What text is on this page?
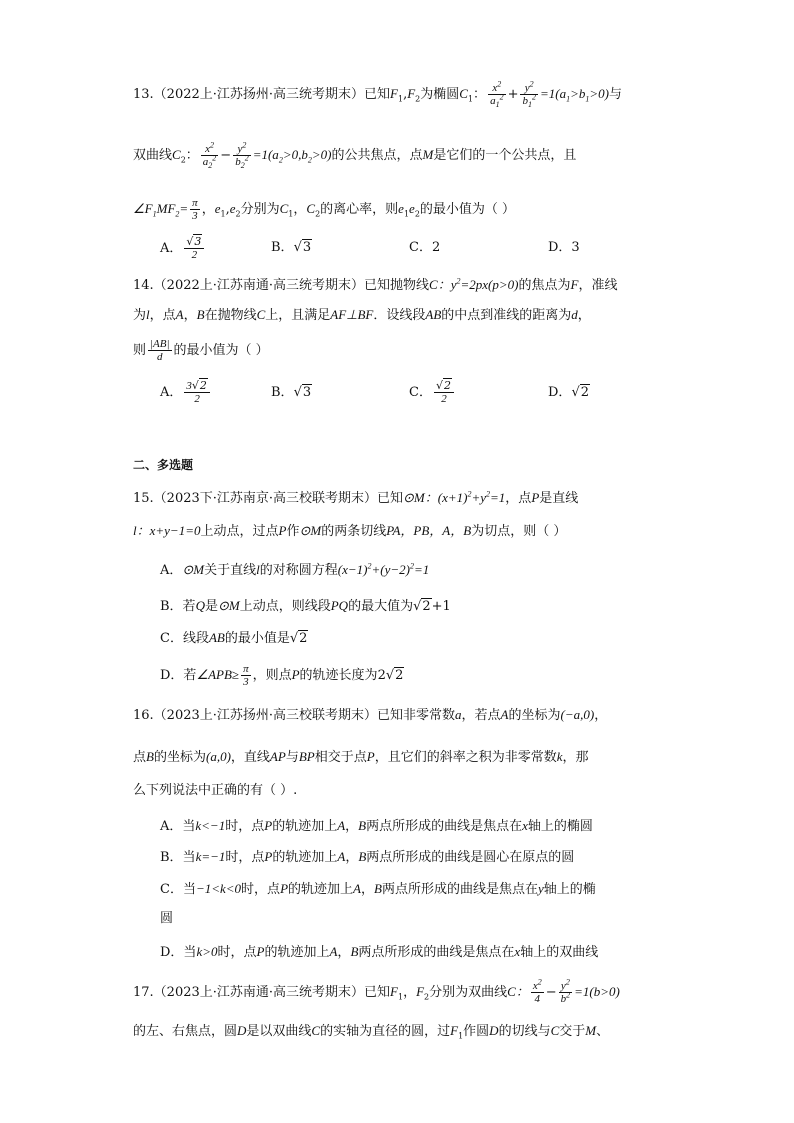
13.（2022上·江苏扬州·高三统考期末）已知$F_1,F_2$为椭圆$C_1$： $\frac{x^2}{a_1^2} + \frac{y^2}{b_1^2} =1(a_1>b_1>0)$与
双曲线$C_2$： $\frac{x^2}{a_2^2} - \frac{y^2}{b_2^2} =1(a_2>0,b_2>0)$的公共焦点，点M是它们的一个公共点，且
$\angle F_1MF_2= \frac{\pi}{3}$ ，$e_1,e_2$分别为$C_1$，$C_2$的离心率，则$e_1e_2$的最小值为（ ）
A． $\frac{√3}{2}$	B．√3	C．2	D．3
14.（2022上·江苏南通·高三统考期末）已知抛物线C：$y^2=2px(p>0)$的焦点为F，准线
为l，点A，B在抛物线C上，且满足AF⊥BF．设线段AB的中点到准线的距离为d，
则 $\frac{|AB|}{d}$ 的最小值为（ ）
A． $\frac{3√2}{2}$	B．√3	C． $\frac{√2}{2}$	D．√2
二、多选题
15.（2023下·江苏南京·高三校联考期末）已知⊙M：$(x+1)^2+y^2=1$，点P是直线
l：x+y−1=0上动点，过点P作⊙M的两条切线PA，PB，A，B为切点，则（ ）
A．⊙M关于直线l的对称圆方程$(x-1)^2+(y-2)^2=1$
B．若Q是⊙M上动点，则线段PQ的最大值为√2+1
C．线段AB的最小值是√2
D．若∠APB≥ $\frac{\pi}{3}$ ，则点P的轨迹长度为2√2
16.（2023上·江苏扬州·高三校联考期末）已知非零常数a，若点A的坐标为(−a,0)，
点B的坐标为(a,0)，直线AP与BP相交于点P，且它们的斜率之积为非零常数k，那
么下列说法中正确的有（ ）.
A．当k<−1时，点P的轨迹加上A，B两点所形成的曲线是焦点在x轴上的椭圆
B．当k=−1时，点P的轨迹加上A，B两点所形成的曲线是圆心在原点的圆
C．当−1<k<0时，点P的轨迹加上A，B两点所形成的曲线是焦点在y轴上的椭
圆
D．当k>0时，点P的轨迹加上A，B两点所形成的曲线是焦点在x轴上的双曲线
17.（2023上·江苏南通·高三统考期末）已知$F_1$，$F_2$分别为双曲线C： $\frac{x^2}{4} - \frac{y^2}{b^2} =1(b>0)$
的左、右焦点，圆D是以双曲线C的实轴为直径的圆，过$F_1$作圆D的切线与C交于M、
